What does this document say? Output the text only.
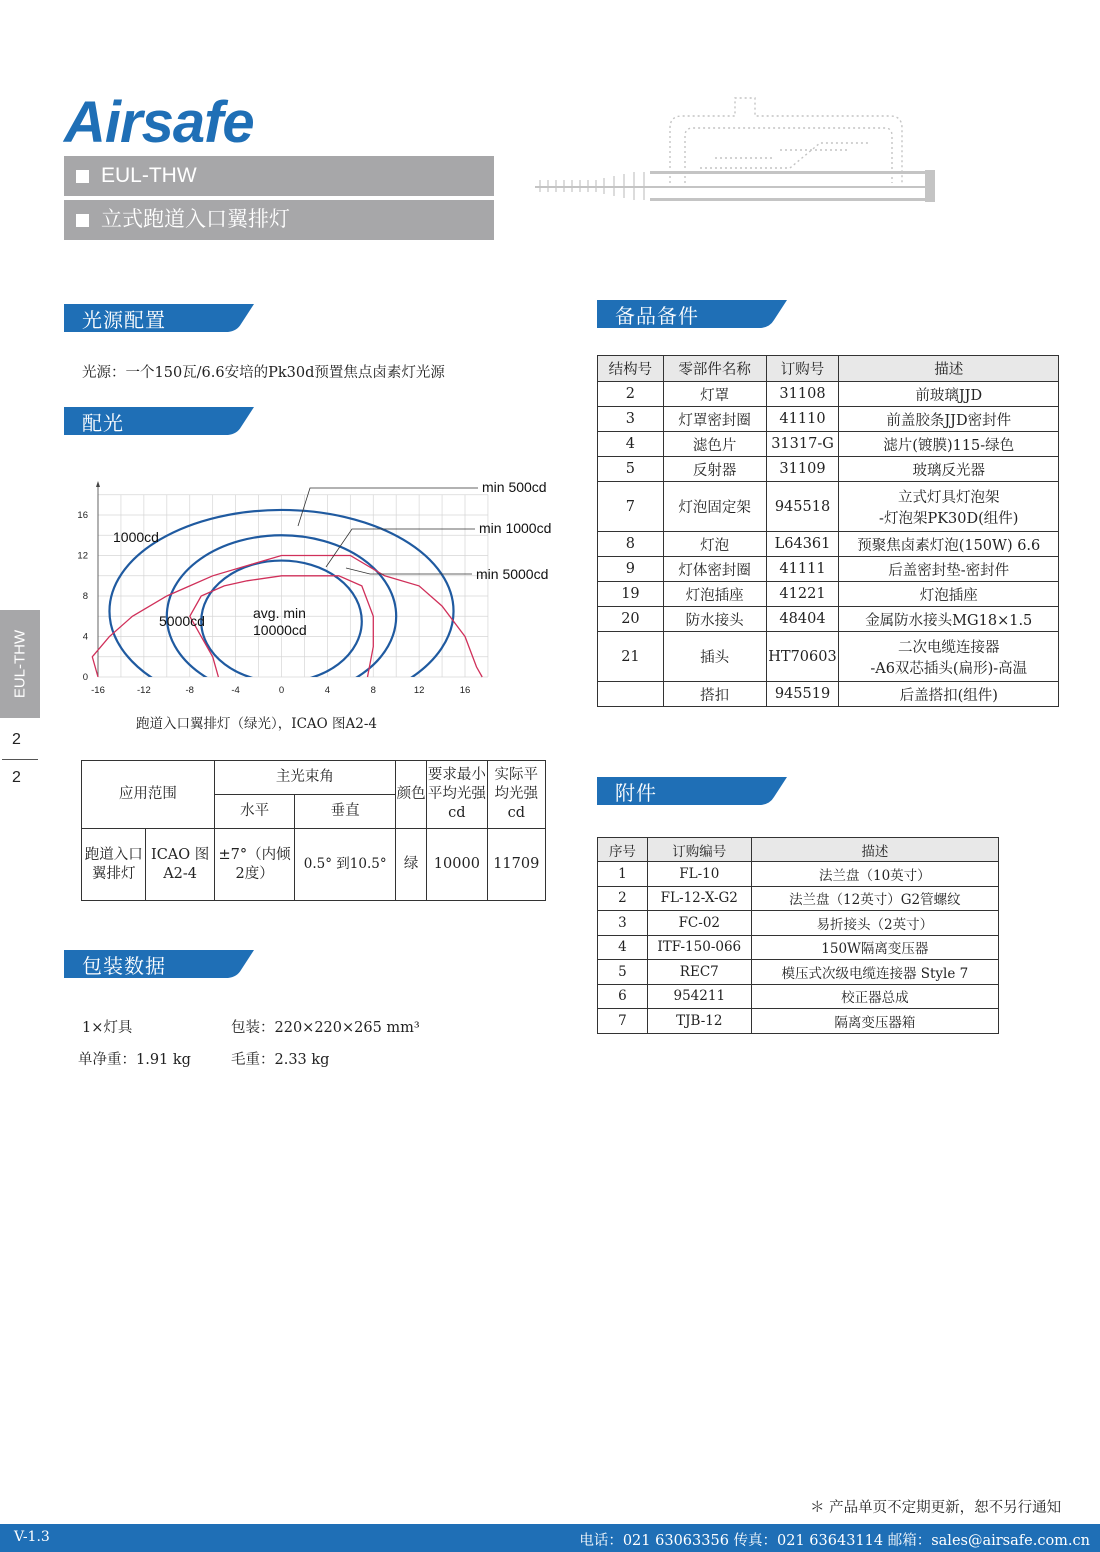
Airsafe
EUL-THW
立式跑道入口翼排灯
EUL-THW
2
2
光源配置
光源：一个150瓦/6.6安培的Pk30d预置焦点卤素灯光源
配光
-16	-12	-8	-4	0	4	8	12	16
0
4
8
12
16
min 500cd
min 1000cd
min 5000cd
1000cd
5000cd	avg. min
10000cd
跑道入口翼排灯（绿光），ICAO 图A2-4
应用范围		主光束角		颜色	要求最小平均光强cd	实际平均光强cd
		水平	垂直			
跑道入口翼排灯	ICAO 图A2-4	±7°（内倾2度）	0.5° 到10.5°	绿	10000	11709
包装数据
1×灯具	包装：220×220×265 mm³
单净重：1.91 kg	毛重：2.33 kg
备品备件
结构号	零部件名称	订购号	描述
2	灯罩	31108	前玻璃JJD
3	灯罩密封圈	41110	前盖胶条JJD密封件
4	滤色片	31317-G	滤片(镀膜)115-绿色
5	反射器	31109	玻璃反光器
7	灯泡固定架	945518	立式灯具灯泡架
-灯泡架PK30D(组件)
8	灯泡	L64361	预聚焦卤素灯泡(150W) 6.6
9	灯体密封圈	41111	后盖密封垫-密封件
19	灯泡插座	41221	灯泡插座
20	防水接头	48404	金属防水接头MG18×1.5
21	插头	HT70603	二次电缆连接器
-A6双芯插头(扁形)-高温
	搭扣	945519	后盖搭扣(组件)
附件
序号	订购编号	描述
1	FL-10	法兰盘（10英寸）
2	FL-12-X-G2	法兰盘（12英寸）G2管螺纹
3	FC-02	易折接头（2英寸）
4	ITF-150-066	150W隔离变压器
5	REC7	模压式次级电缆连接器 Style 7
6	954211	校正器总成
7	TJB-12	隔离变压器箱
＊ 产品单页不定期更新，恕不另行通知
V-1.3	电话：021 63063356 传真：021 63643114 邮箱：sales@airsafe.com.cn
